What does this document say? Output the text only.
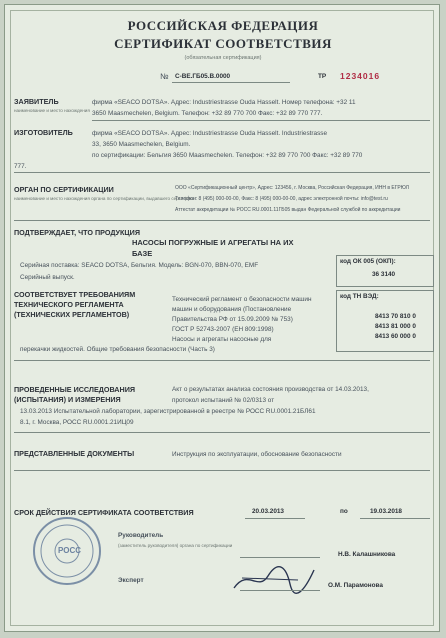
РОССИЙСКАЯ ФЕДЕРАЦИЯ
СЕРТИФИКАТ СООТВЕТСТВИЯ
(обязательная сертификация)
№ С-BE.ГБ05.В.0000	ТР 1234016
ЗАЯВИТЕЛЬ
наименование и место нахождения
фирма «SEACO DOTSA». Адрес: Industriestrasse Ouda Hasselt. Номер телефона: +32 11
3650 Maasmechelen, Belgium. Телефон: +32 89 770 700 Факс: +32 89 770 777.
ИЗГОТОВИТЕЛЬ	фирма «SEACO DOTSA». Адрес: Industriestrasse Ouda Hasselt. Industriestrasse
33, 3650 Maasmechelen, Belgium.
по сертификации: Бельгия 3650 Maasmechelen. Телефон: +32 89 770 700 Факс: +32 89 770
777.
ОРГАН ПО СЕРТИФИКАЦИИ
наименование и место нахождения органа по сертификации, выдавшего сертификат
ООО «Сертификационный центр», Адрес: 123456, г. Москва, Российская Федерация, ИНН в ЕГРЮЛ
Телефон: 8 (495) 000-00-00, Факс: 8 (495) 000-00-00, адрес электронной почты: info@test.ru
Аттестат аккредитации № РОСС RU.0001.11ГБ05 выдан Федеральной службой по аккредитации
ПОДТВЕРЖДАЕТ, ЧТО ПРОДУКЦИЯ
НАСОСЫ ПОГРУЖНЫЕ И АГРЕГАТЫ НА ИХ
БАЗЕ
Серийная поставка: SEACO DOTSA, Бельгия. Модель: BGN-070, BBN-070, EMF
Серийный выпуск.
код ОК 005 (ОКП):
36 3140
СООТВЕТСТВУЕТ ТРЕБОВАНИЯМ
ТЕХНИЧЕСКОГО РЕГЛАМЕНТА
(ТЕХНИЧЕСКИХ РЕГЛАМЕНТОВ)
Технический регламент о безопасности машин
машин и оборудования (Постановление
Правительства РФ от 15.09.2009 № 753)
ГОСТ Р 52743-2007 (ЕН 809:1998)
Насосы и агрегаты насосные для
перекачки жидкостей. Общие требования безопасности (Часть 3)
код ТН ВЭД:
8413 70 810 0
8413 81 000 0
8413 60 000 0
ПРОВЕДЕННЫЕ ИССЛЕДОВАНИЯ
(ИСПЫТАНИЯ) И ИЗМЕРЕНИЯ
Акт о результатах анализа состояния производства от 14.03.2013,
протокол испытаний № 02/0313 от
13.03.2013 Испытательной лаборатории, зарегистрированной в реестре № РОСС RU.0001.21БЛ61
8.1, г. Москва, РОСС RU.0001.21ИЦ09
ПРЕДСТАВЛЕННЫЕ ДОКУМЕНТЫ	Инструкция по эксплуатации, обоснование безопасности
СРОК ДЕЙСТВИЯ СЕРТИФИКАТА СООТВЕТСТВИЯ	20.03.2013	по	19.03.2018
Руководитель
(заместитель руководителя) органа по сертификации
Н.В. Калашникова
Эксперт
О.М. Парамонова
РОСС
